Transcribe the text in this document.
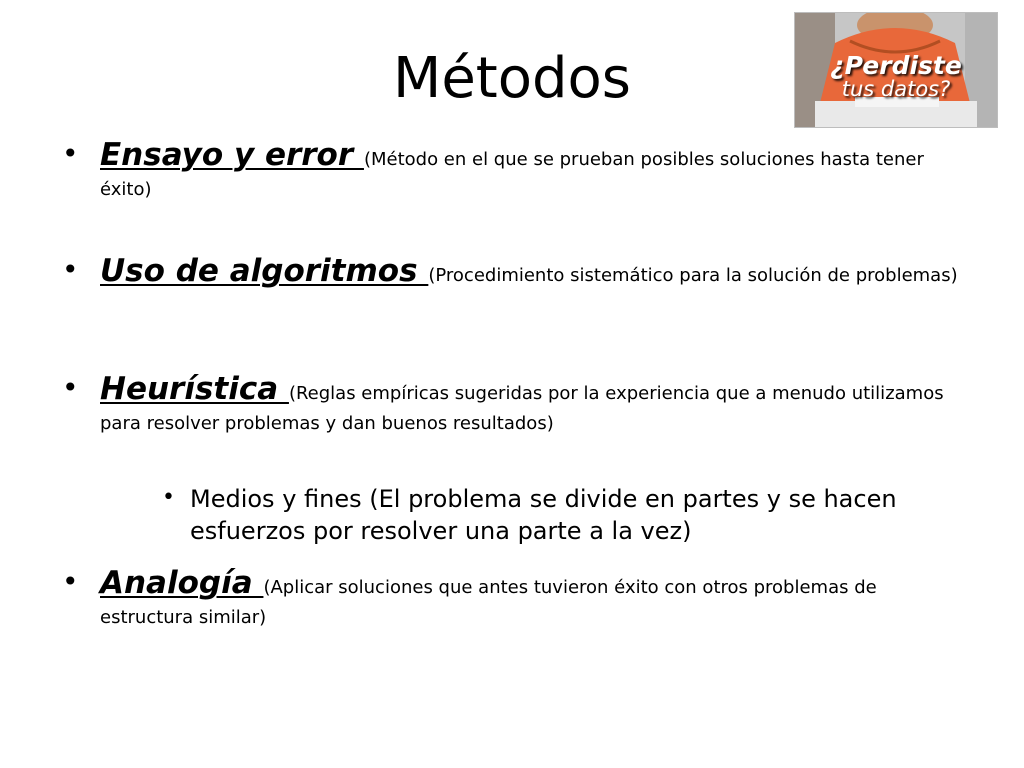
Métodos	¿Perdiste
tus datos?
• Ensayo y error (Método en el que se prueban posibles soluciones hasta tener éxito)
• Uso de algoritmos (Procedimiento sistemático para la solución de problemas)
• Heurística (Reglas empíricas sugeridas por la experiencia que a menudo utilizamos para resolver problemas y dan buenos resultados)
• Medios y fines (El problema se divide en partes y se hacen esfuerzos por resolver una parte a la vez)
• Analogía (Aplicar soluciones que antes tuvieron éxito con otros problemas de estructura similar)
